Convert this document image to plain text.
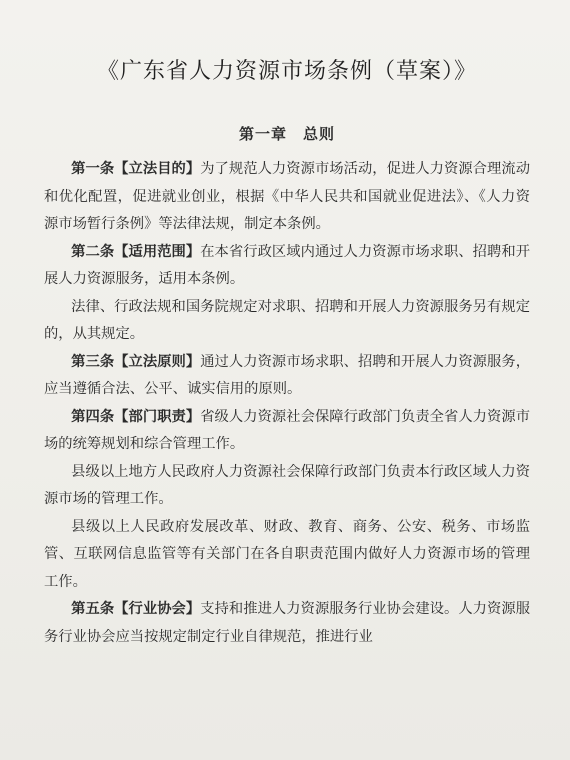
《广东省人力资源市场条例（草案）》
第一章　总则

第一条【立法目的】为了规范人力资源市场活动，促进人力资源合理流动和优化配置，促进就业创业，根据《中华人民共和国就业促进法》、《人力资源市场暂行条例》等法律法规，制定本条例。

第二条【适用范围】在本省行政区域内通过人力资源市场求职、招聘和开展人力资源服务，适用本条例。

法律、行政法规和国务院规定对求职、招聘和开展人力资源服务另有规定的，从其规定。

第三条【立法原则】通过人力资源市场求职、招聘和开展人力资源服务，应当遵循合法、公平、诚实信用的原则。

第四条【部门职责】省级人力资源社会保障行政部门负责全省人力资源市场的统筹规划和综合管理工作。

县级以上地方人民政府人力资源社会保障行政部门负责本行政区域人力资源市场的管理工作。

县级以上人民政府发展改革、财政、教育、商务、公安、税务、市场监管、互联网信息监管等有关部门在各自职责范围内做好人力资源市场的管理工作。

第五条【行业协会】支持和推进人力资源服务行业协会建设。人力资源服务行业协会应当按规定制定行业自律规范，推进行业
